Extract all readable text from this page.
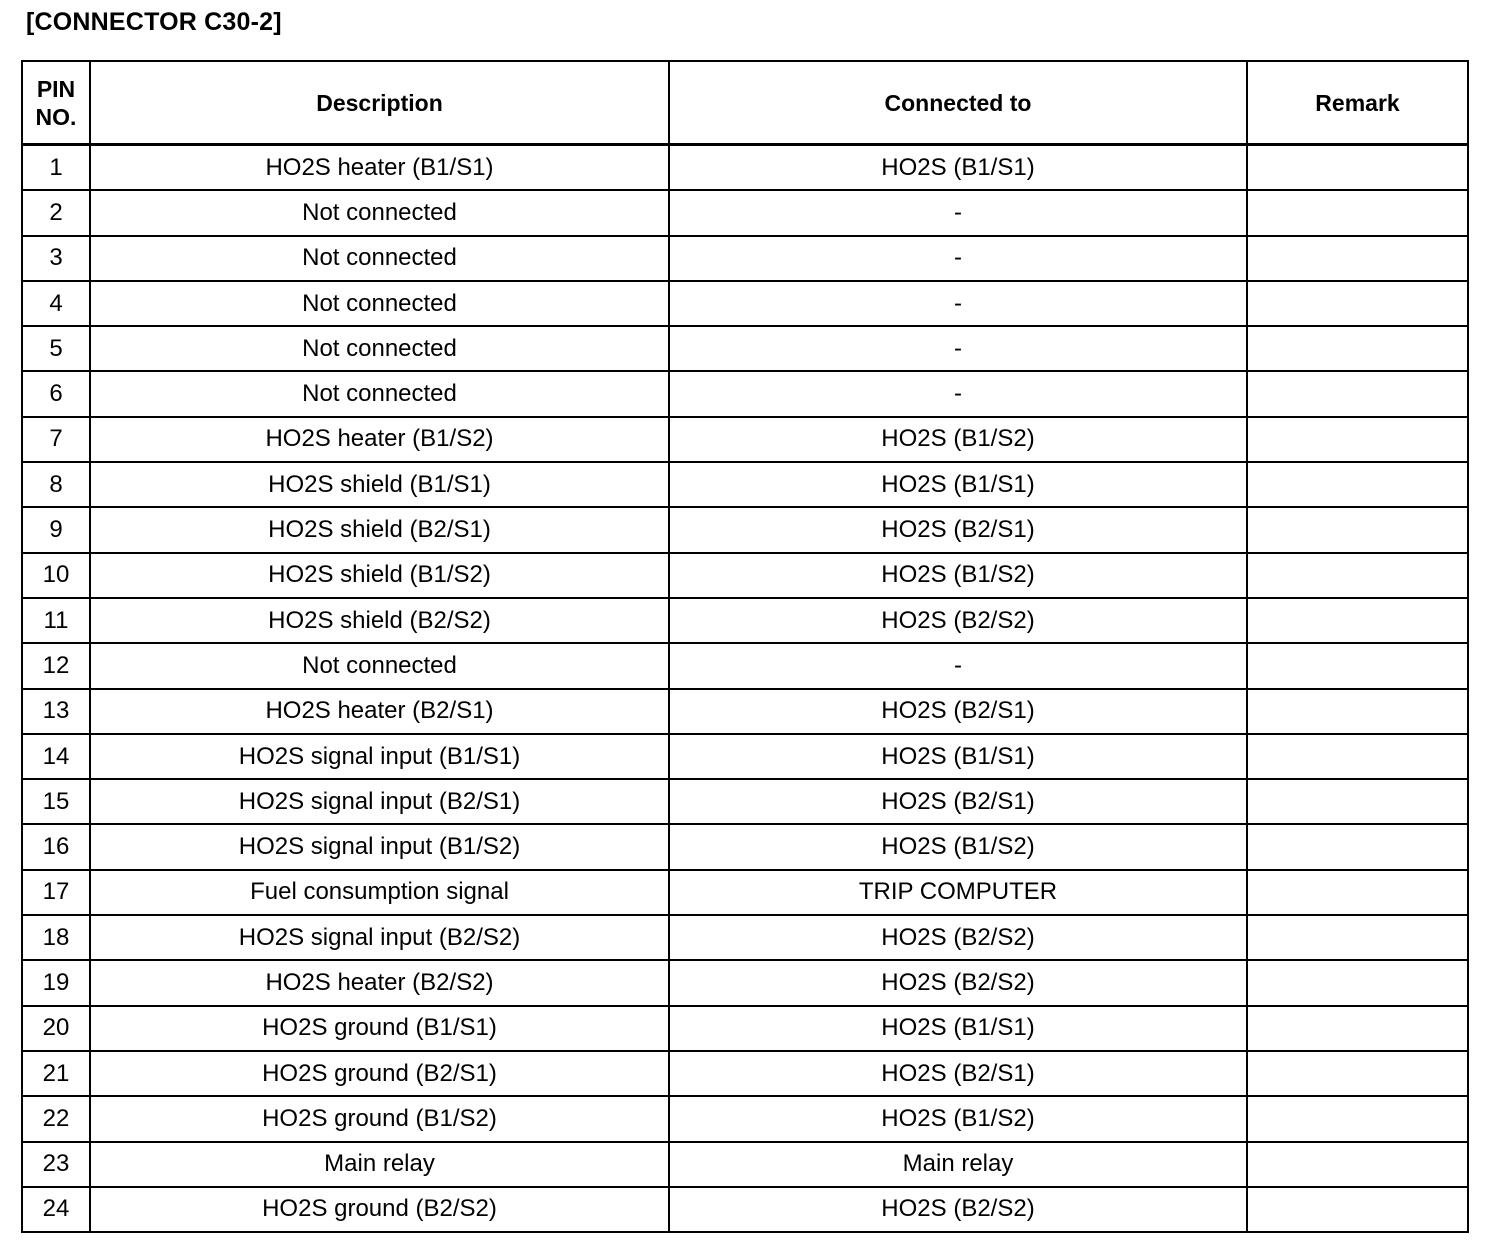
[CONNECTOR C30-2]
PIN
NO.	Description	Connected to	Remark
1	HO2S heater (B1/S1)	HO2S (B1/S1)	
2	Not connected	-	
3	Not connected	-	
4	Not connected	-	
5	Not connected	-	
6	Not connected	-	
7	HO2S heater (B1/S2)	HO2S (B1/S2)	
8	HO2S shield (B1/S1)	HO2S (B1/S1)	
9	HO2S shield (B2/S1)	HO2S (B2/S1)	
10	HO2S shield (B1/S2)	HO2S (B1/S2)	
11	HO2S shield (B2/S2)	HO2S (B2/S2)	
12	Not connected	-	
13	HO2S heater (B2/S1)	HO2S (B2/S1)	
14	HO2S signal input (B1/S1)	HO2S (B1/S1)	
15	HO2S signal input (B2/S1)	HO2S (B2/S1)	
16	HO2S signal input (B1/S2)	HO2S (B1/S2)	
17	Fuel consumption signal	TRIP COMPUTER	
18	HO2S signal input (B2/S2)	HO2S (B2/S2)	
19	HO2S heater (B2/S2)	HO2S (B2/S2)	
20	HO2S ground (B1/S1)	HO2S (B1/S1)	
21	HO2S ground (B2/S1)	HO2S (B2/S1)	
22	HO2S ground (B1/S2)	HO2S (B1/S2)	
23	Main relay	Main relay	
24	HO2S ground (B2/S2)	HO2S (B2/S2)	
